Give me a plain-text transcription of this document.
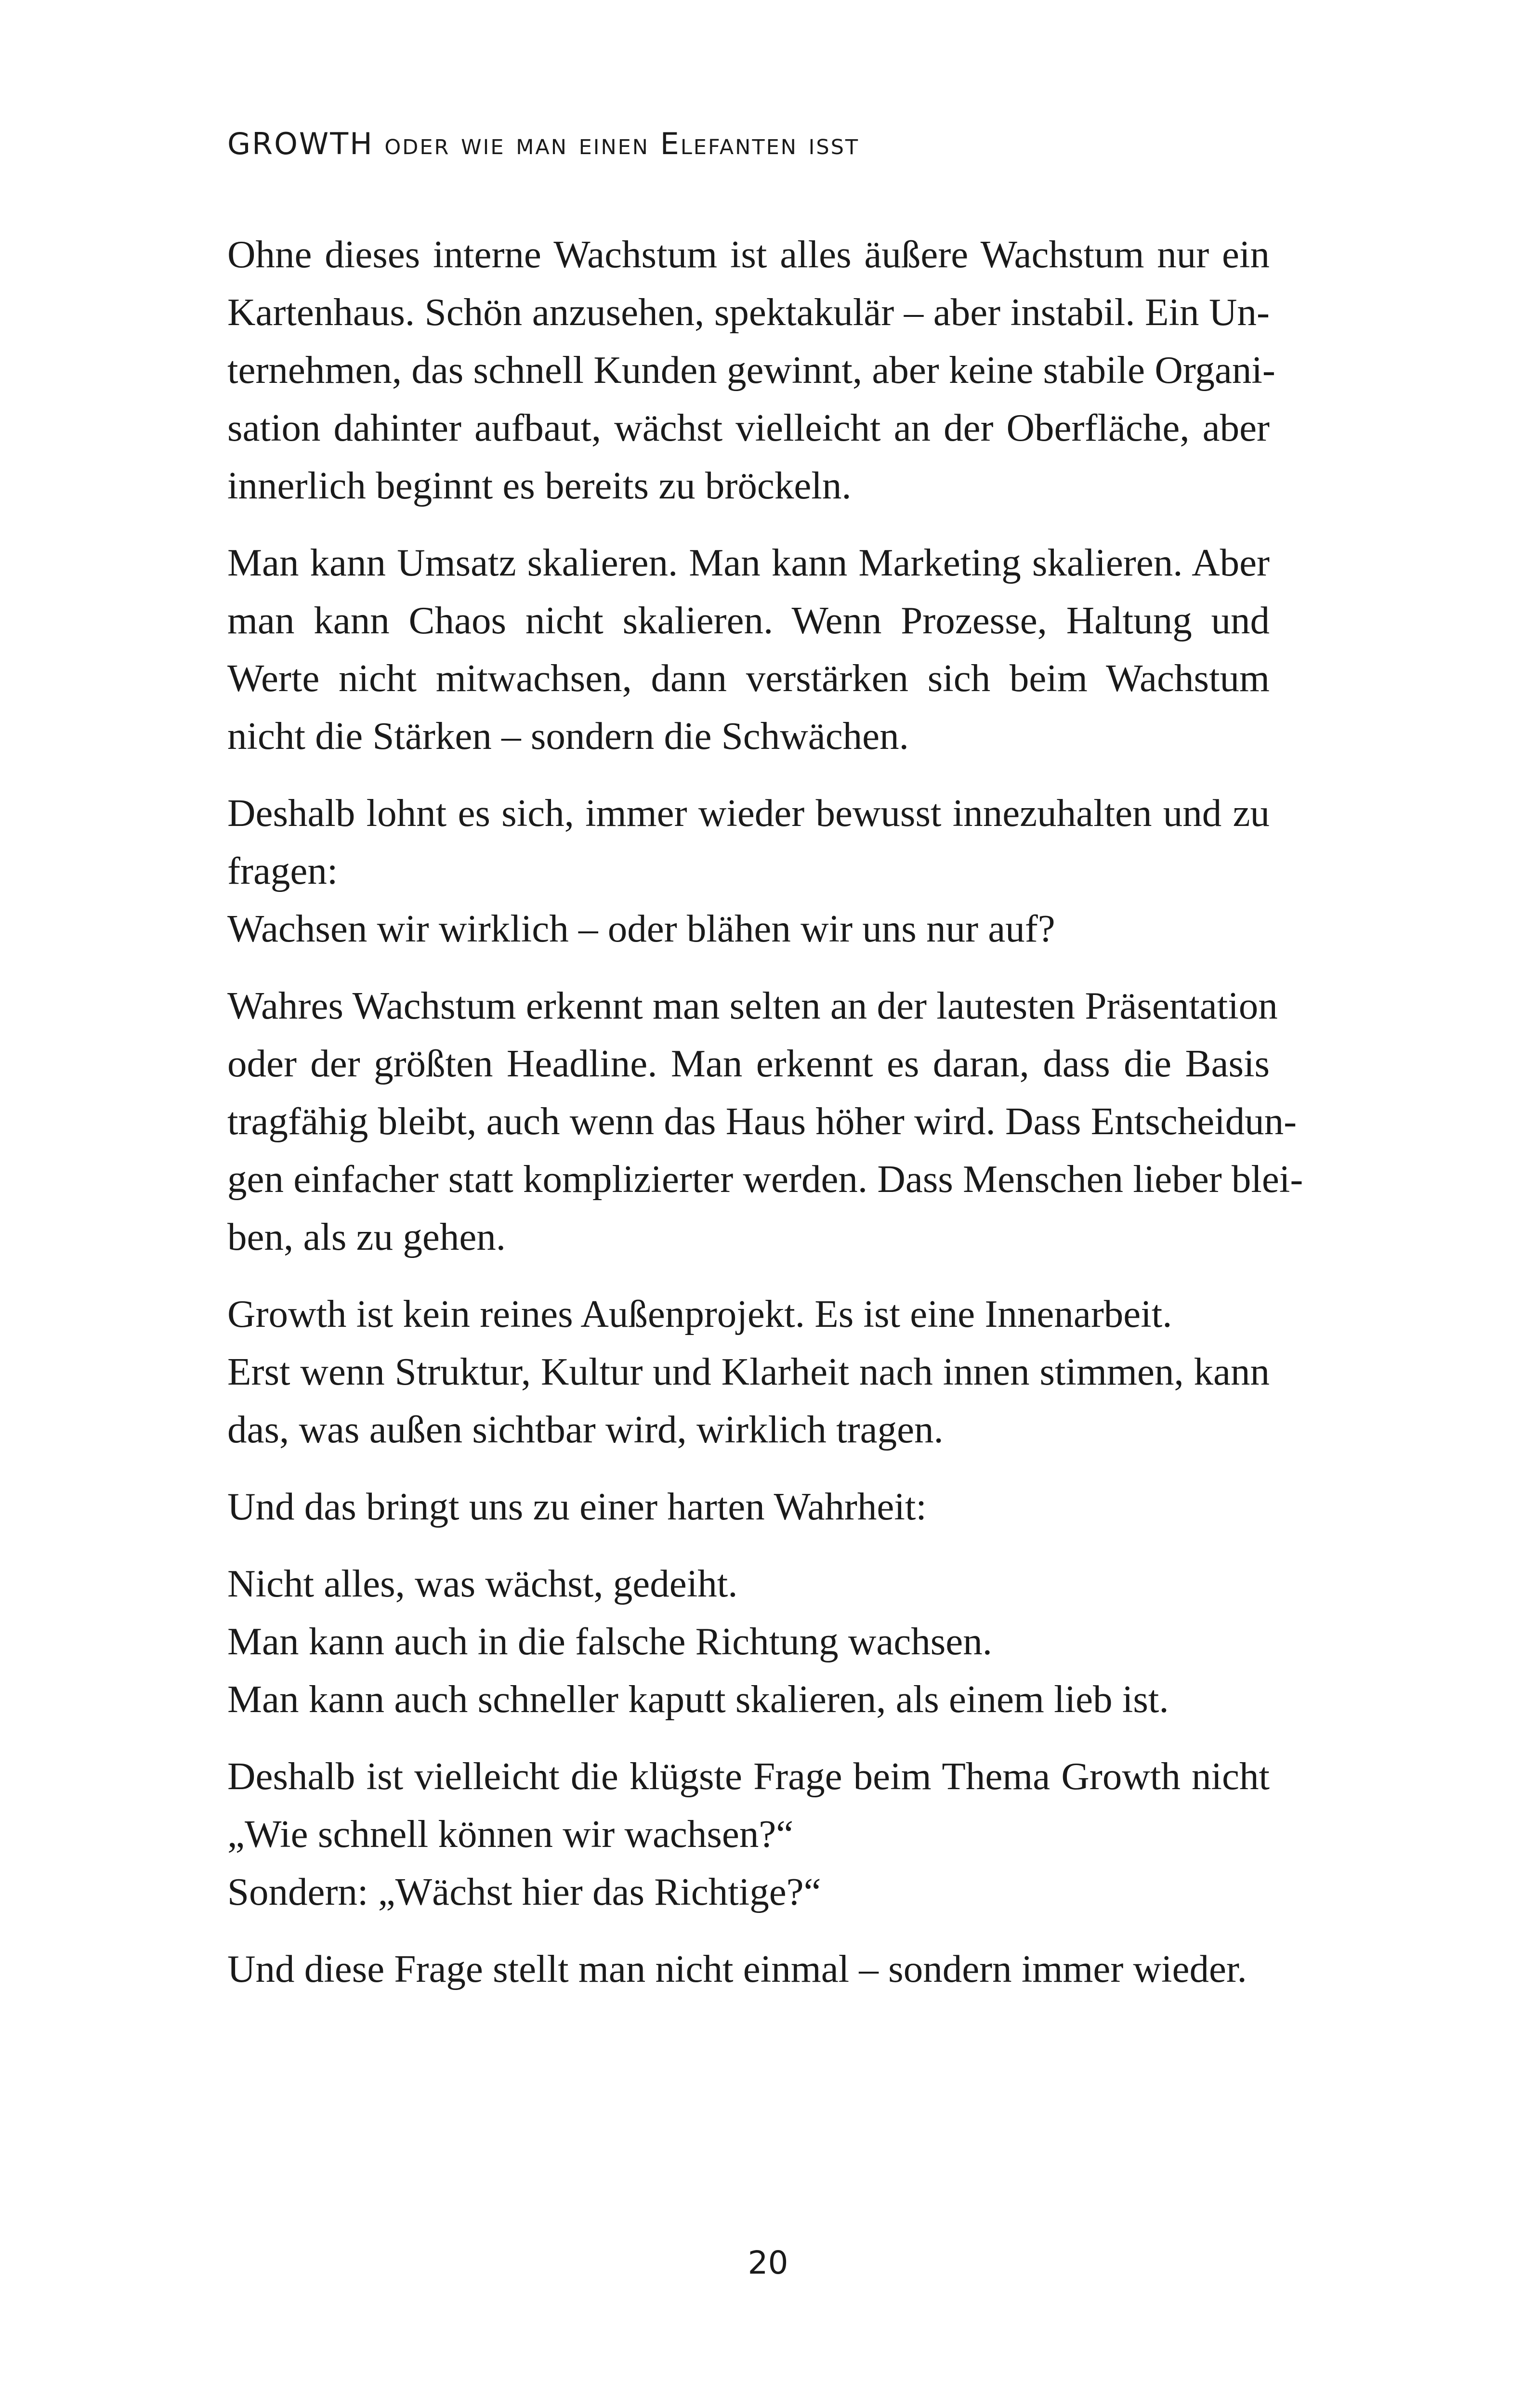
GROWTH oder wie man einen Elefanten isst

Ohne dieses interne Wachstum ist alles äußere Wachstum nur ein
Kartenhaus. Schön anzusehen, spektakulär – aber instabil. Ein Un-
ternehmen, das schnell Kunden gewinnt, aber keine stabile Organi-
sation dahinter aufbaut, wächst vielleicht an der Oberfläche, aber
innerlich beginnt es bereits zu bröckeln.

Man kann Umsatz skalieren. Man kann Marketing skalieren. Aber
man kann Chaos nicht skalieren. Wenn Prozesse, Haltung und
Werte nicht mitwachsen, dann verstärken sich beim Wachstum
nicht die Stärken – sondern die Schwächen.

Deshalb lohnt es sich, immer wieder bewusst innezuhalten und zu
fragen:
Wachsen wir wirklich – oder blähen wir uns nur auf?

Wahres Wachstum erkennt man selten an der lautesten Präsentation
oder der größten Headline. Man erkennt es daran, dass die Basis
tragfähig bleibt, auch wenn das Haus höher wird. Dass Entscheidun-
gen einfacher statt komplizierter werden. Dass Menschen lieber blei-
ben, als zu gehen.

Growth ist kein reines Außenprojekt. Es ist eine Innenarbeit.
Erst wenn Struktur, Kultur und Klarheit nach innen stimmen, kann
das, was außen sichtbar wird, wirklich tragen.

Und das bringt uns zu einer harten Wahrheit:

Nicht alles, was wächst, gedeiht.
Man kann auch in die falsche Richtung wachsen.
Man kann auch schneller kaputt skalieren, als einem lieb ist.

Deshalb ist vielleicht die klügste Frage beim Thema Growth nicht
„Wie schnell können wir wachsen?“
Sondern: „Wächst hier das Richtige?“

Und diese Frage stellt man nicht einmal – sondern immer wieder.

20
